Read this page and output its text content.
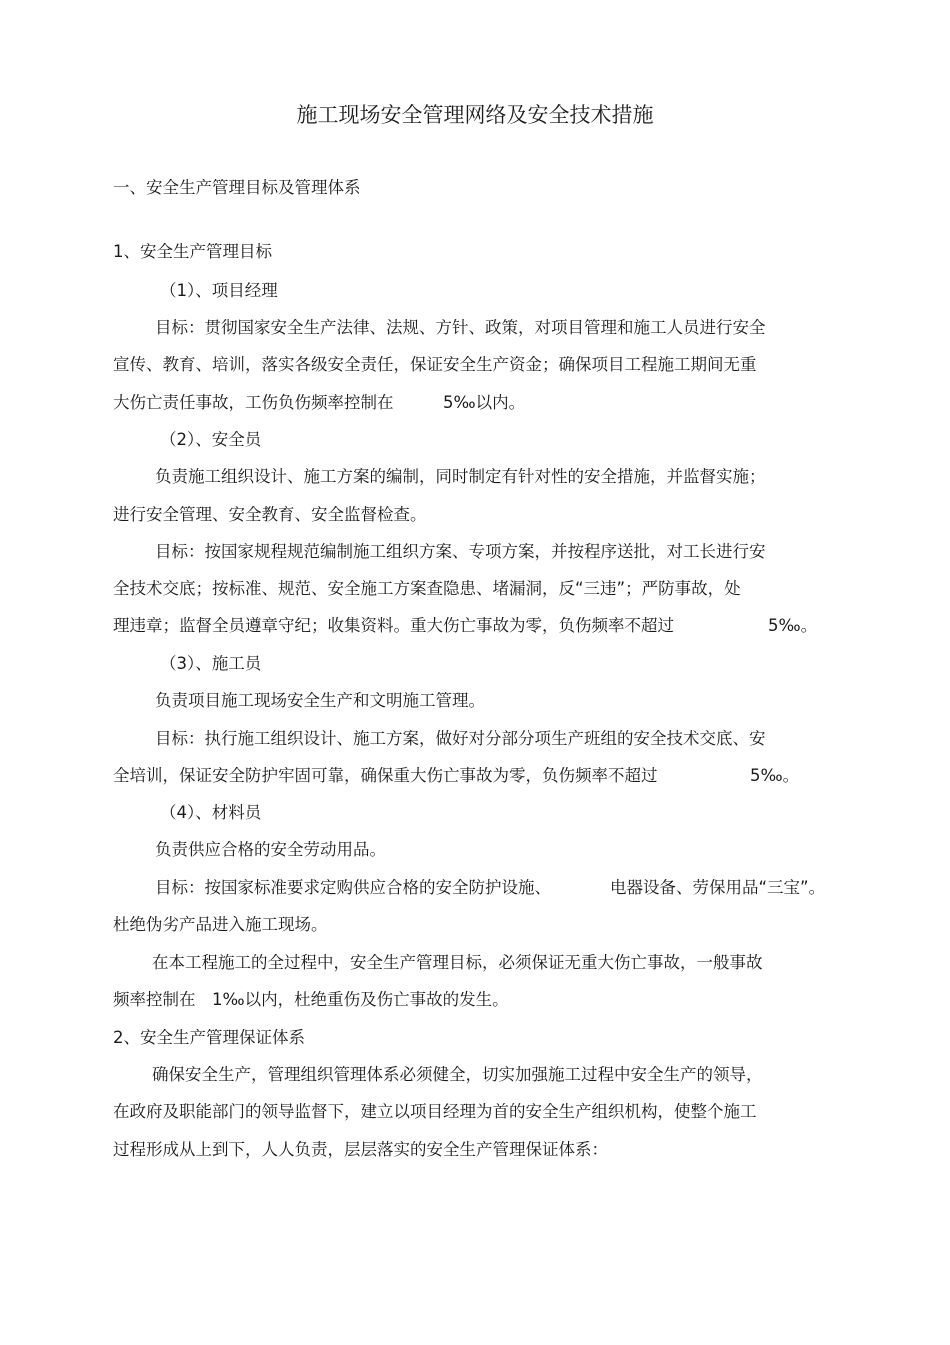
施工现场安全管理网络及安全技术措施
一、安全生产管理目标及管理体系
1、安全生产管理目标
（1）、项目经理
目标：贯彻国家安全生产法律、法规、方针、政策，对项目管理和施工人员进行安全
宣传、教育、培训，落实各级安全责任，保证安全生产资金；确保项目工程施工期间无重
大伤亡责任事故，工伤负伤频率控制在	5‰以内。
（2）、安全员
负责施工组织设计、施工方案的编制，同时制定有针对性的安全措施，并监督实施；
进行安全管理、安全教育、安全监督检查。
目标：按国家规程规范编制施工组织方案、专项方案，并按程序送批，对工长进行安
全技术交底；按标准、规范、安全施工方案查隐患、堵漏洞，反“三违”；严防事故，处
理违章；监督全员遵章守纪；收集资料。重大伤亡事故为零，负伤频率不超过	5‰。
（3）、施工员
负责项目施工现场安全生产和文明施工管理。
目标：执行施工组织设计、施工方案，做好对分部分项生产班组的安全技术交底、安
全培训，保证安全防护牢固可靠，确保重大伤亡事故为零，负伤频率不超过	5‰。
（4）、材料员
负责供应合格的安全劳动用品。
目标：按国家标准要求定购供应合格的安全防护设施、	电器设备、劳保用品“三宝”。
杜绝伪劣产品进入施工现场。
在本工程施工的全过程中，安全生产管理目标，必须保证无重大伤亡事故，一般事故
频率控制在 1‰以内，杜绝重伤及伤亡事故的发生。
2、安全生产管理保证体系
确保安全生产，管理组织管理体系必须健全，切实加强施工过程中安全生产的领导，
在政府及职能部门的领导监督下，建立以项目经理为首的安全生产组织机构，使整个施工
过程形成从上到下，人人负责，层层落实的安全生产管理保证体系：
